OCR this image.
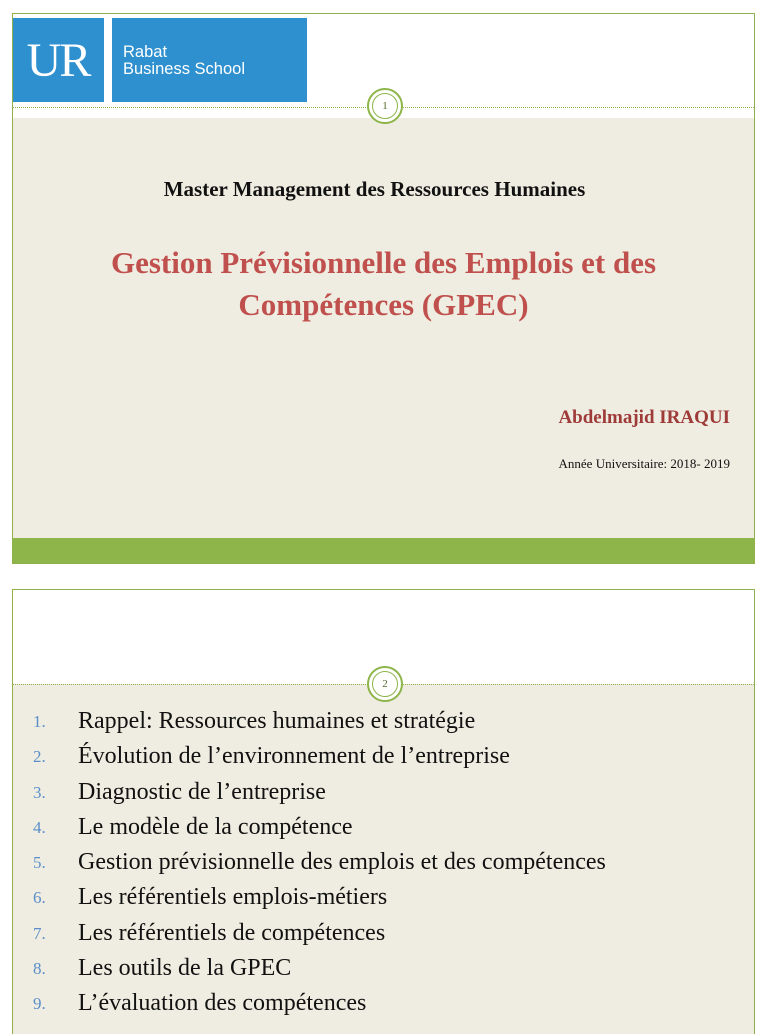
UR Rabat
Business School
1
Master Management des Ressources Humaines
Gestion Prévisionnelle des Emplois et des
Compétences (GPEC)
Abdelmajid IRAQUI
Année Universitaire: 2018- 2019
2
1. Rappel: Ressources humaines et stratégie
2. Évolution de l’environnement de l’entreprise
3. Diagnostic de l’entreprise
4. Le modèle de la compétence
5. Gestion prévisionnelle des emplois et des compétences
6. Les référentiels emplois-métiers
7. Les référentiels de compétences
8. Les outils de la GPEC
9. L’évaluation des compétences
